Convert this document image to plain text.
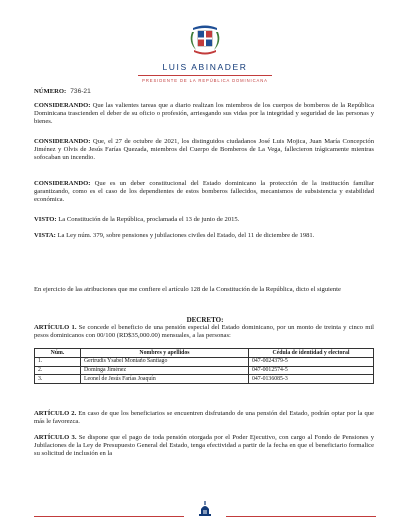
LUIS ABINADER
PRESIDENTE DE LA REPÚBLICA DOMINICANA
NÚMERO: 736-21
CONSIDERANDO: Que las valientes tareas que a diario realizan los miembros de los cuerpos de bomberos de la República Dominicana trascienden el deber de su oficio o profesión, arriesgando sus vidas por la integridad y seguridad de las personas y bienes.
CONSIDERANDO: Que, el 27 de octubre de 2021, los distinguidos ciudadanos José Luis Mojica, Juan María Concepción Jiménez y Olvis de Jesús Farías Quezada, miembros del Cuerpo de Bomberos de La Vega, fallecieron trágicamente mientras sofocaban un incendio.
CONSIDERANDO: Que es un deber constitucional del Estado dominicano la protección de la institución familiar garantizando, como es el caso de los dependientes de estos bomberos fallecidos, mecanismos de subsistencia y estabilidad económica.
VISTO: La Constitución de la República, proclamada el 13 de junio de 2015.
VISTA: La Ley núm. 379, sobre pensiones y jubilaciones civiles del Estado, del 11 de diciembre de 1981.
En ejercicio de las atribuciones que me confiere el artículo 128 de la Constitución de la República, dicto el siguiente
DECRETO:
ARTÍCULO 1. Se concede el beneficio de una pensión especial del Estado dominicano, por un monto de treinta y cinco mil pesos dominicanos con 00/100 (RD$35,000.00) mensuales, a las personas:
Núm.	Nombres y apellidos	Cédula de identidad y electoral
1.	Gertrudis Ysabel Montaño Santiago	047-0024379-5
2.	Dominga Jiménez	047-0012574-5
3.	Leonel de Jesús Farías Joaquín	047-0136085-3
ARTÍCULO 2. En caso de que los beneficiarios se encuentren disfrutando de una pensión del Estado, podrán optar por la que más le favorezca.
ARTÍCULO 3. Se dispone que el pago de toda pensión otorgada por el Poder Ejecutivo, con cargo al Fondo de Pensiones y Jubilaciones de la Ley de Presupuesto General del Estado, tenga efectividad a partir de la fecha en que el beneficiario formalice su solicitud de inclusión en la
